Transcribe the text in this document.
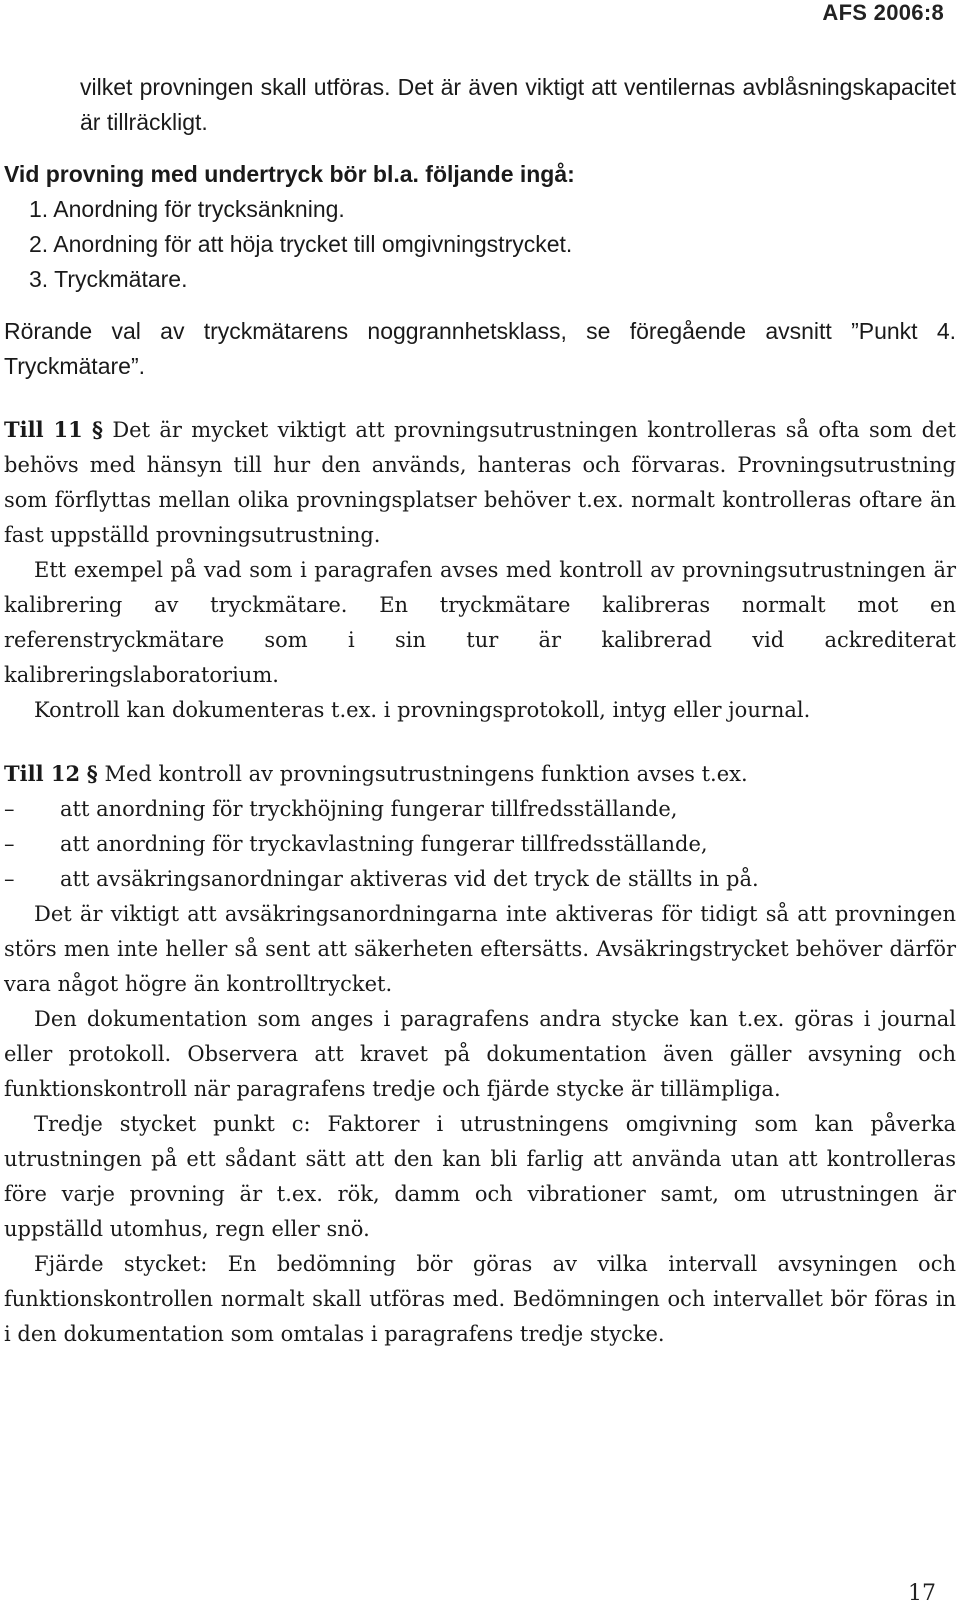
AFS 2006:8

vilket provningen skall utföras. Det är även viktigt att ventilernas avblåsningskapacitet är tillräckligt.

Vid provning med undertryck bör bl.a. följande ingå:

1. Anordning för trycksänkning.
2. Anordning för att höja trycket till omgivningstrycket.
3. Tryckmätare.

Rörande val av tryckmätarens noggrannhetsklass, se föregående avsnitt ”Punkt 4. Tryckmätare”.

Till 11 § Det är mycket viktigt att provningsutrustningen kontrolleras så ofta som det behövs med hänsyn till hur den används, hanteras och förvaras. Provningsutrustning som förflyttas mellan olika provningsplatser behöver t.ex. normalt kontrolleras oftare än fast uppställd provningsutrustning.

Ett exempel på vad som i paragrafen avses med kontroll av provningsutrustningen är kalibrering av tryckmätare. En tryckmätare kalibreras normalt mot en referenstryckmätare som i sin tur är kalibrerad vid ackrediterat kalibreringslaboratorium.

Kontroll kan dokumenteras t.ex. i provningsprotokoll, intyg eller journal.

Till 12 § Med kontroll av provningsutrustningens funktion avses t.ex.

–	att anordning för tryckhöjning fungerar tillfredsställande,
–	att anordning för tryckavlastning fungerar tillfredsställande,
–	att avsäkringsanordningar aktiveras vid det tryck de ställts in på.

Det är viktigt att avsäkringsanordningarna inte aktiveras för tidigt så att provningen störs men inte heller så sent att säkerheten eftersätts. Avsäkringstrycket behöver därför vara något högre än kontrolltrycket.

Den dokumentation som anges i paragrafens andra stycke kan t.ex. göras i journal eller protokoll. Observera att kravet på dokumentation även gäller avsyning och funktionskontroll när paragrafens tredje och fjärde stycke är tillämpliga.

Tredje stycket punkt c: Faktorer i utrustningens omgivning som kan påverka utrustningen på ett sådant sätt att den kan bli farlig att använda utan att kontrolleras före varje provning är t.ex. rök, damm och vibrationer samt, om utrustningen är uppställd utomhus, regn eller snö.

Fjärde stycket: En bedömning bör göras av vilka intervall avsyningen och funktionskontrollen normalt skall utföras med. Bedömningen och intervallet bör föras in i den dokumentation som omtalas i paragrafens tredje stycke.

17
